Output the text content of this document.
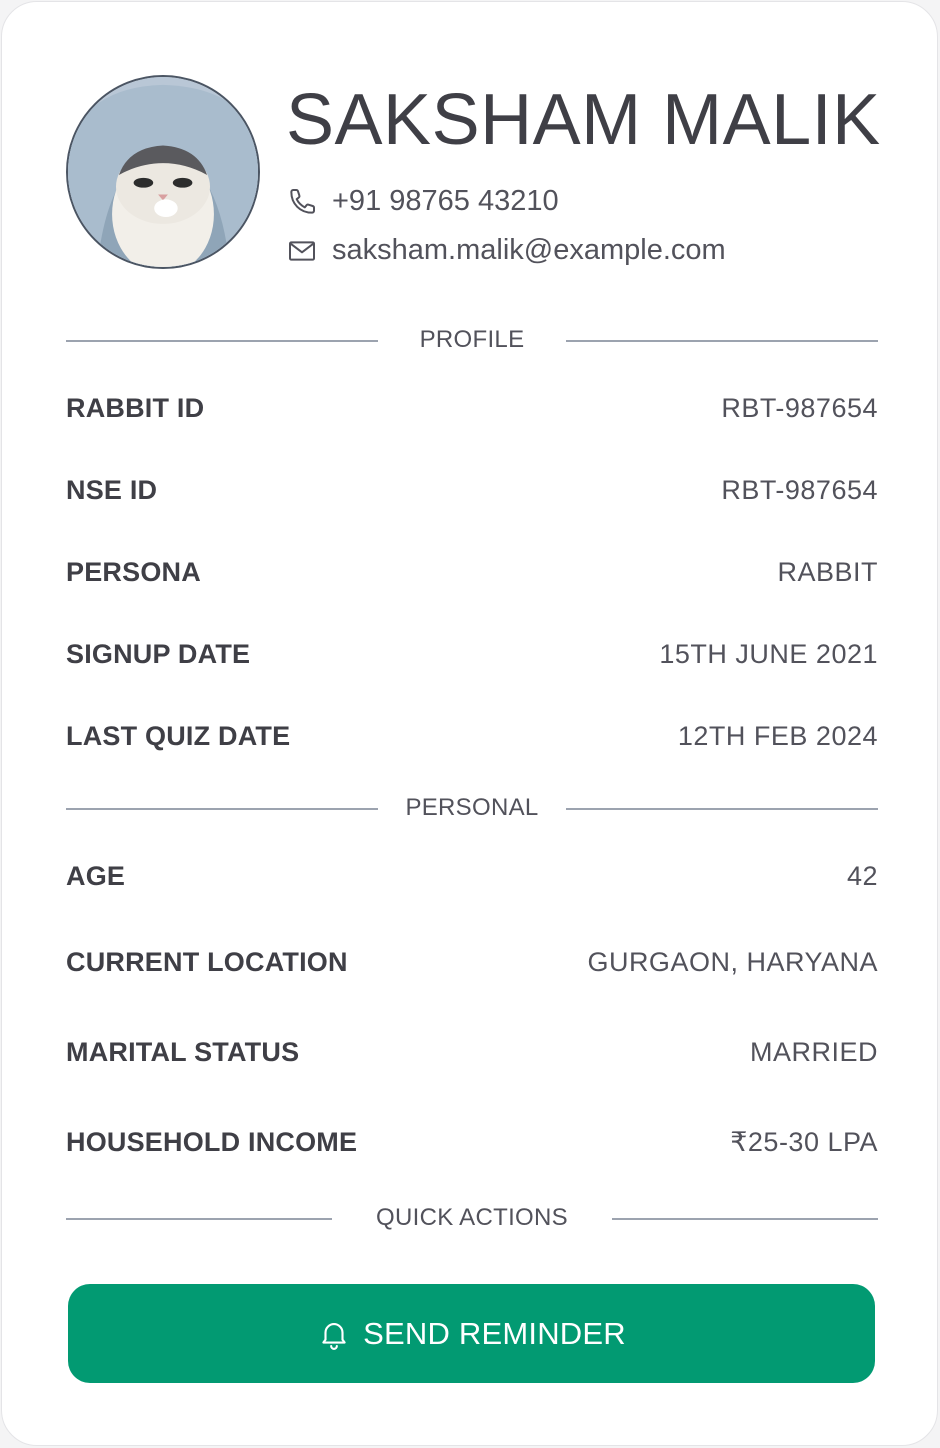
SAKSHAM MALIK
+91 98765 43210
saksham.malik@example.com
PROFILE
RABBIT ID	RBT-987654
NSE ID	RBT-987654
PERSONA	RABBIT
SIGNUP DATE	15TH JUNE 2021
LAST QUIZ DATE	12TH FEB 2024
PERSONAL
AGE	42
CURRENT LOCATION	GURGAON, HARYANA
MARITAL STATUS	MARRIED
HOUSEHOLD INCOME	₹25-30 LPA
QUICK ACTIONS
SEND REMINDER
